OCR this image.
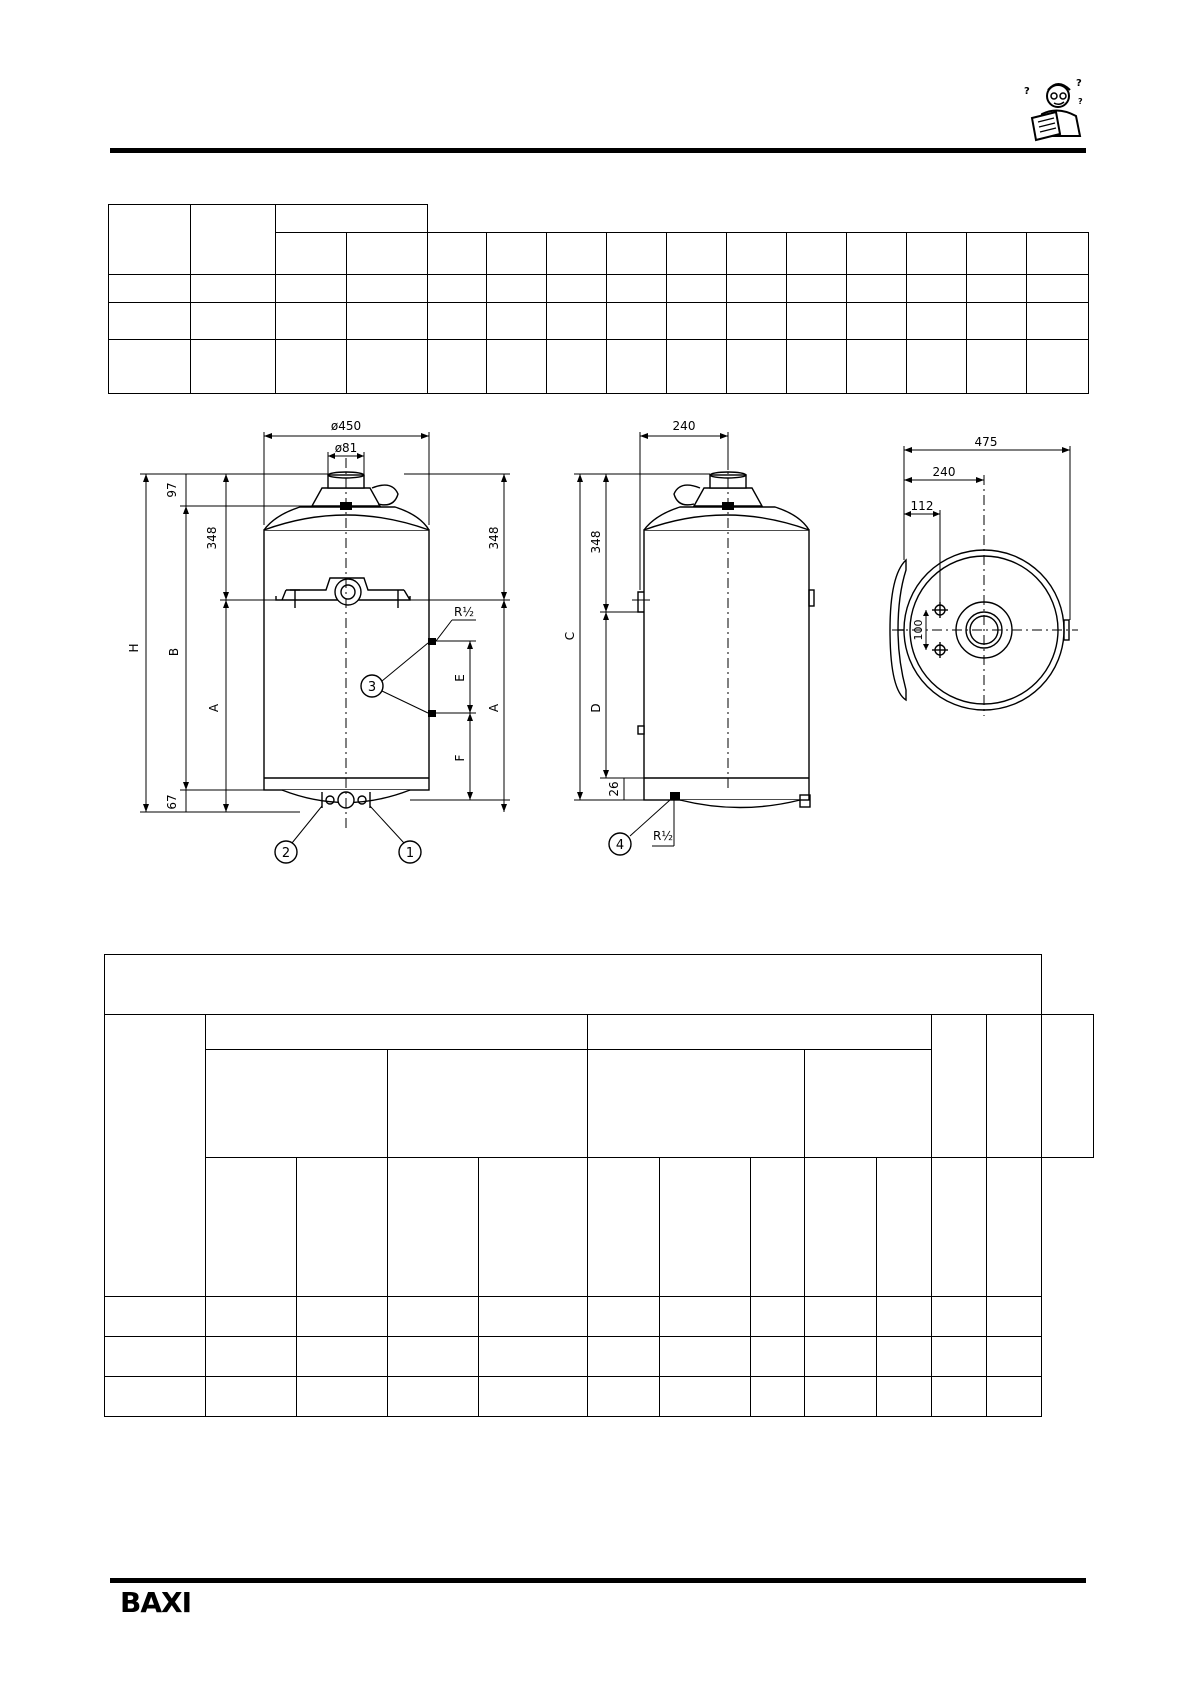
?
?
?

ø450
ø81
97
348	348
67
H B
A	A
E
F
R½
1
2
3
240
348
C
D
26
R½
4
475
240
112
100

BAXI
